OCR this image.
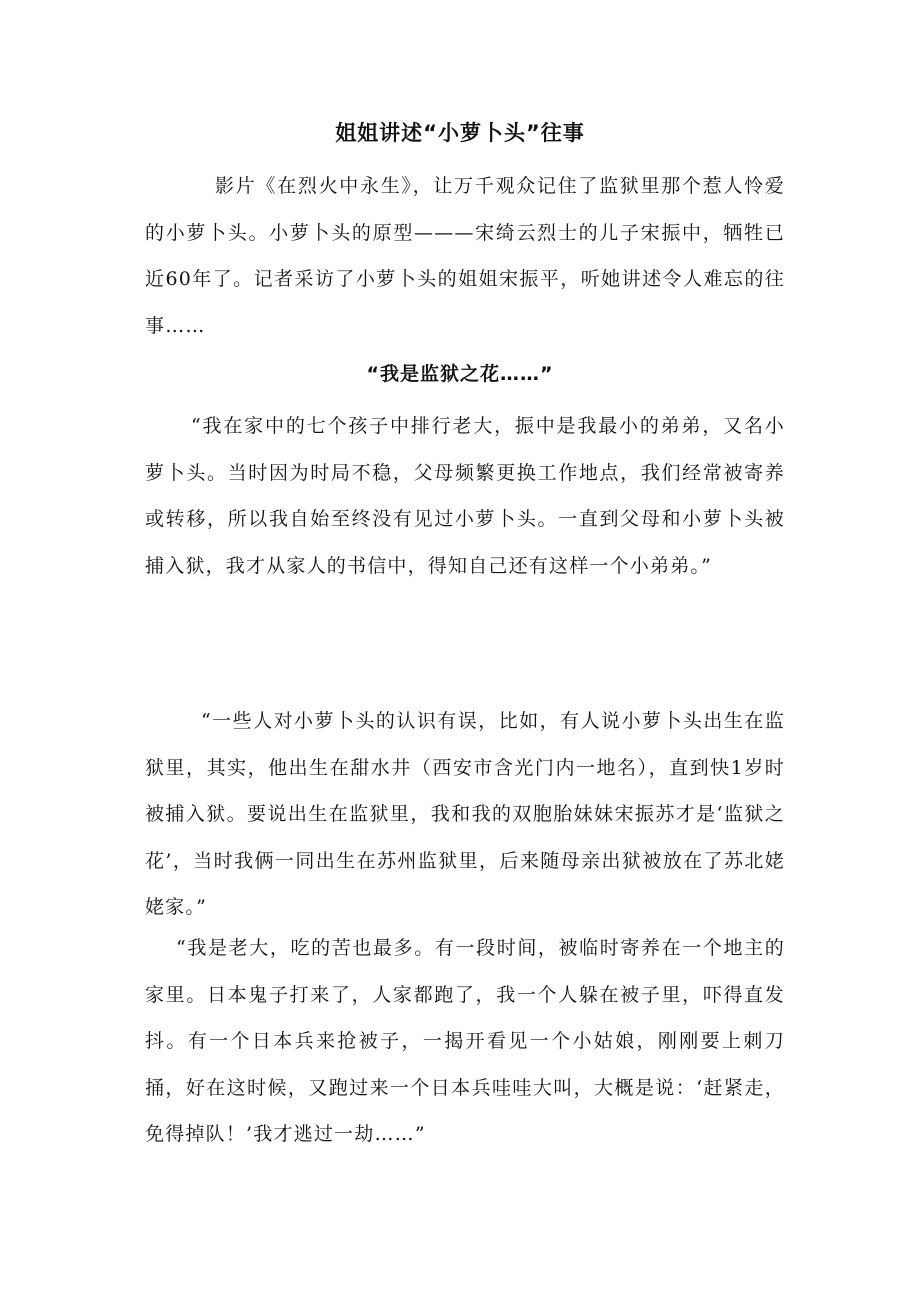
姐姐讲述“小萝卜头”往事

影片《在烈火中永生》，让万千观众记住了监狱里那个惹人怜爱的小萝卜头。小萝卜头的原型———宋绮云烈士的儿子宋振中，牺牲已近60年了。记者采访了小萝卜头的姐姐宋振平，听她讲述令人难忘的往事……

“我是监狱之花……”

“我在家中的七个孩子中排行老大，振中是我最小的弟弟，又名小萝卜头。当时因为时局不稳，父母频繁更换工作地点，我们经常被寄养或转移，所以我自始至终没有见过小萝卜头。一直到父母和小萝卜头被捕入狱，我才从家人的书信中，得知自己还有这样一个小弟弟。”

“一些人对小萝卜头的认识有误，比如，有人说小萝卜头出生在监狱里，其实，他出生在甜水井（西安市含光门内一地名），直到快1岁时被捕入狱。要说出生在监狱里，我和我的双胞胎妹妹宋振苏才是‘监狱之花’，当时我俩一同出生在苏州监狱里，后来随母亲出狱被放在了苏北姥姥家。”

“我是老大，吃的苦也最多。有一段时间，被临时寄养在一个地主的家里。日本鬼子打来了，人家都跑了，我一个人躲在被子里，吓得直发抖。有一个日本兵来抢被子，一揭开看见一个小姑娘，刚刚要上刺刀捅，好在这时候，又跑过来一个日本兵哇哇大叫，大概是说：‘赶紧走，免得掉队！’我才逃过一劫……”
